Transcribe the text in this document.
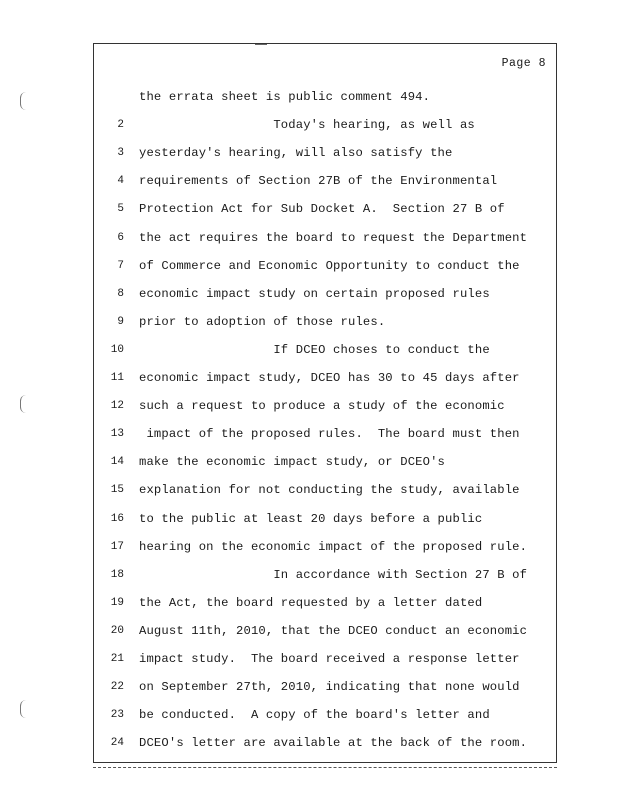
Page 8
the errata sheet is public comment 494.
2 Today's hearing, as well as
3 yesterday's hearing, will also satisfy the
4 requirements of Section 27B of the Environmental
5 Protection Act for Sub Docket A.  Section 27 B of
6 the act requires the board to request the Department
7 of Commerce and Economic Opportunity to conduct the
8 economic impact study on certain proposed rules
9 prior to adoption of those rules.
10 If DCEO choses to conduct the
11 economic impact study, DCEO has 30 to 45 days after
12 such a request to produce a study of the economic
13 impact of the proposed rules.  The board must then
14 make the economic impact study, or DCEO's
15 explanation for not conducting the study, available
16 to the public at least 20 days before a public
17 hearing on the economic impact of the proposed rule.
18 In accordance with Section 27 B of
19 the Act, the board requested by a letter dated
20 August 11th, 2010, that the DCEO conduct an economic
21 impact study.  The board received a response letter
22 on September 27th, 2010, indicating that none would
23 be conducted.  A copy of the board's letter and
24 DCEO's letter are available at the back of the room.
